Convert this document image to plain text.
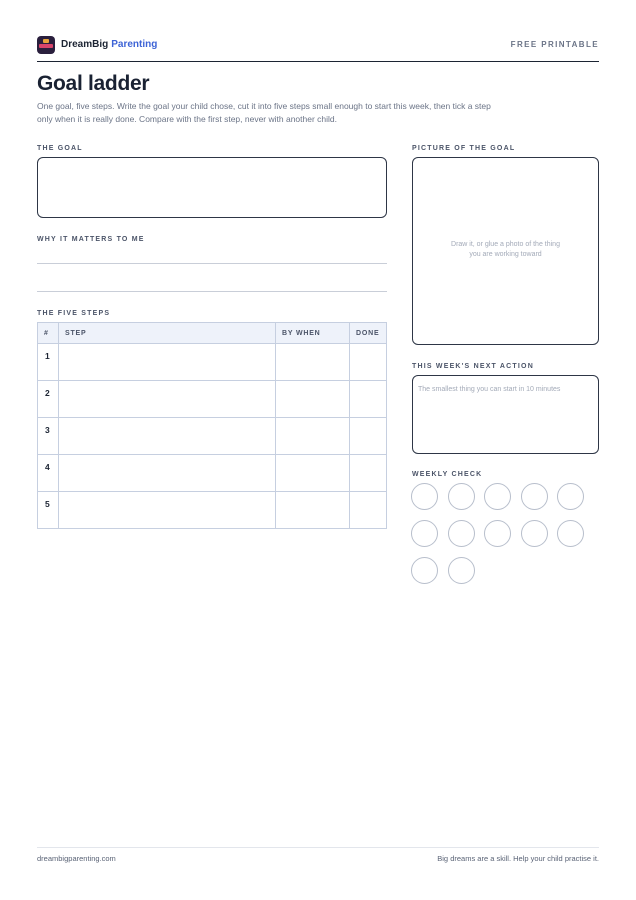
DreamBig Parenting	FREE PRINTABLE
Goal ladder
One goal, five steps. Write the goal your child chose, cut it into five steps small enough to start this week, then tick a step only when it is really done. Compare with the first step, never with another child.
THE GOAL
WHY IT MATTERS TO ME
THE FIVE STEPS
#	STEP	BY WHEN	DONE
1			
2			
3			
4			
5			
PICTURE OF THE GOAL
Draw it, or glue a photo of the thing you are working toward
THIS WEEK'S NEXT ACTION
The smallest thing you can start in 10 minutes
WEEKLY CHECK
dreambigparenting.com	Big dreams are a skill. Help your child practise it.
